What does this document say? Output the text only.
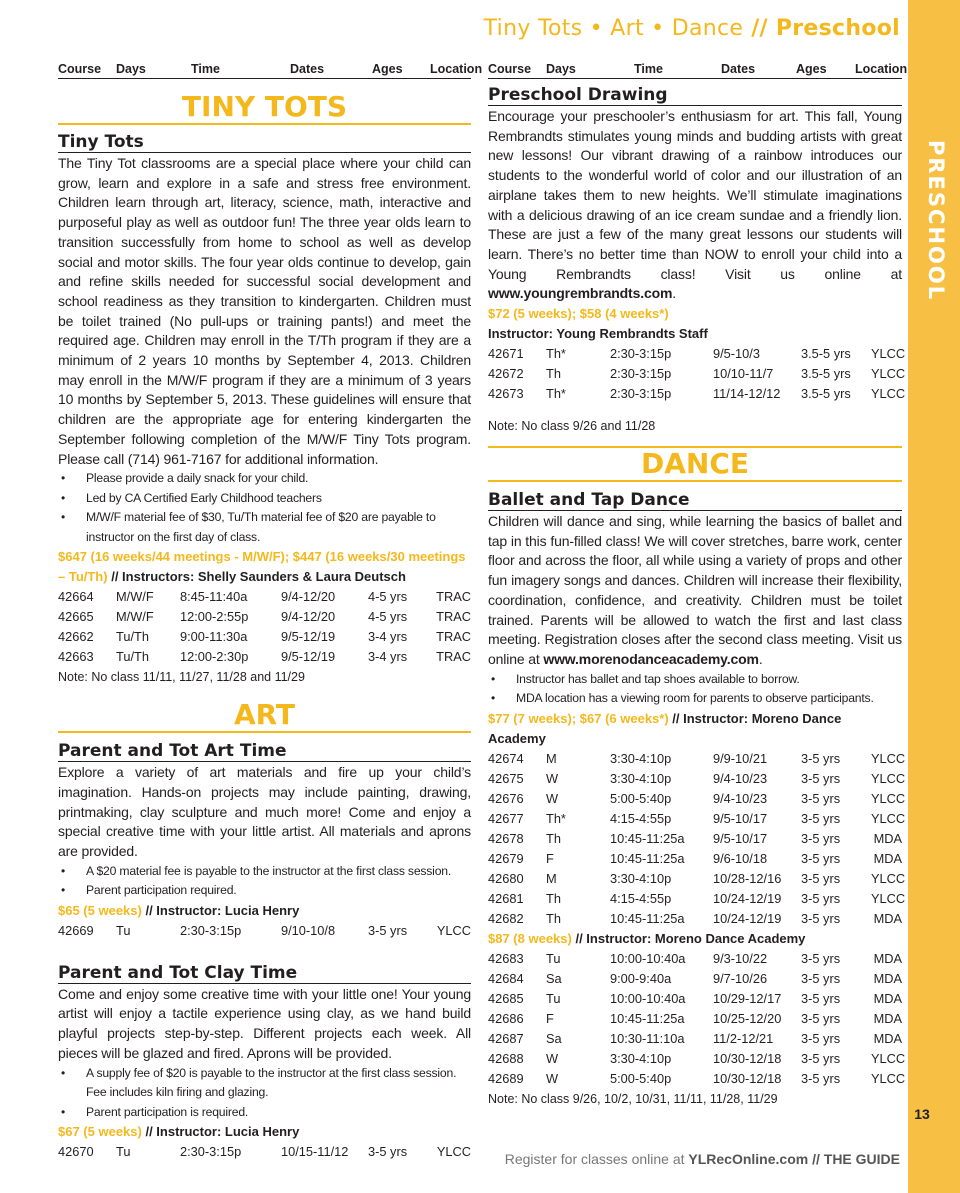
Tiny Tots • Art • Dance // Preschool
PRESCHOOL
13
Register for classes online at YLRecOnline.com // THE GUIDE
Course	Days	Time	Dates	Ages	Location
TINY TOTS
Tiny Tots
The Tiny Tot classrooms are a special place where your child can grow, learn and explore in a safe and stress free environment. Children learn through art, literacy, science, math, interactive and purposeful play as well as outdoor fun! The three year olds learn to transition successfully from home to school as well as develop social and motor skills. The four year olds continue to develop, gain and refine skills needed for successful social development and school readiness as they transition to kindergarten. Children must be toilet trained (No pull-ups or training pants!) and meet the required age. Children may enroll in the T/Th program if they are a minimum of 2 years 10 months by September 4, 2013. Children may enroll in the M/W/F program if they are a minimum of 3 years 10 months by September 5, 2013. These guidelines will ensure that children are the appropriate age for entering kindergarten the September following completion of the M/W/F Tiny Tots program. Please call (714) 961-7167 for additional information.
• Please provide a daily snack for your child.
• Led by CA Certified Early Childhood teachers
• M/W/F material fee of $30, Tu/Th material fee of $20 are payable to instructor on the first day of class.
$647 (16 weeks/44 meetings - M/W/F); $447 (16 weeks/30 meetings – Tu/Th) // Instructors: Shelly Saunders & Laura Deutsch
42664	M/W/F	8:45-11:40a	9/4-12/20	4-5 yrs	TRAC
42665	M/W/F	12:00-2:55p	9/4-12/20	4-5 yrs	TRAC
42662	Tu/Th	9:00-11:30a	9/5-12/19	3-4 yrs	TRAC
42663	Tu/Th	12:00-2:30p	9/5-12/19	3-4 yrs	TRAC
Note: No class 11/11, 11/27, 11/28 and 11/29
ART
Parent and Tot Art Time
Explore a variety of art materials and fire up your child’s imagination. Hands-on projects may include painting, drawing, printmaking, clay sculpture and much more! Come and enjoy a special creative time with your little artist. All materials and aprons are provided.
• A $20 material fee is payable to the instructor at the first class session.
• Parent participation required.
$65 (5 weeks) // Instructor: Lucia Henry
42669	Tu	2:30-3:15p	9/10-10/8	3-5 yrs	YLCC
Parent and Tot Clay Time
Come and enjoy some creative time with your little one! Your young artist will enjoy a tactile experience using clay, as we hand build playful projects step-by-step. Different projects each week. All pieces will be glazed and fired. Aprons will be provided.
• A supply fee of $20 is payable to the instructor at the first class session. Fee includes kiln firing and glazing.
• Parent participation is required.
$67 (5 weeks) // Instructor: Lucia Henry
42670	Tu	2:30-3:15p	10/15-11/12	3-5 yrs	YLCC
Course	Days	Time	Dates	Ages	Location
Preschool Drawing
Encourage your preschooler’s enthusiasm for art. This fall, Young Rembrandts stimulates young minds and budding artists with great new lessons! Our vibrant drawing of a rainbow introduces our students to the wonderful world of color and our illustration of an airplane takes them to new heights. We’ll stimulate imaginations with a delicious drawing of an ice cream sundae and a friendly lion. These are just a few of the many great lessons our students will learn. There’s no better time than NOW to enroll your child into a Young Rembrandts class! Visit us online at www.youngrembrandts.com.
$72 (5 weeks); $58 (4 weeks*)
Instructor: Young Rembrandts Staff
42671	Th*	2:30-3:15p	9/5-10/3	3.5-5 yrs	YLCC
42672	Th	2:30-3:15p	10/10-11/7	3.5-5 yrs	YLCC
42673	Th*	2:30-3:15p	11/14-12/12	3.5-5 yrs	YLCC
Note: No class 9/26 and 11/28
DANCE
Ballet and Tap Dance
Children will dance and sing, while learning the basics of ballet and tap in this fun-filled class! We will cover stretches, barre work, center floor and across the floor, all while using a variety of props and other fun imagery songs and dances. Children will increase their flexibility, coordination, confidence, and creativity. Children must be toilet trained. Parents will be allowed to watch the first and last class meeting. Registration closes after the second class meeting. Visit us online at www.morenodanceacademy.com.
• Instructor has ballet and tap shoes available to borrow.
• MDA location has a viewing room for parents to observe participants.
$77 (7 weeks); $67 (6 weeks*) // Instructor: Moreno Dance Academy
42674	M	3:30-4:10p	9/9-10/21	3-5 yrs	YLCC
42675	W	3:30-4:10p	9/4-10/23	3-5 yrs	YLCC
42676	W	5:00-5:40p	9/4-10/23	3-5 yrs	YLCC
42677	Th*	4:15-4:55p	9/5-10/17	3-5 yrs	YLCC
42678	Th	10:45-11:25a	9/5-10/17	3-5 yrs	MDA
42679	F	10:45-11:25a	9/6-10/18	3-5 yrs	MDA
42680	M	3:30-4:10p	10/28-12/16	3-5 yrs	YLCC
42681	Th	4:15-4:55p	10/24-12/19	3-5 yrs	YLCC
42682	Th	10:45-11:25a	10/24-12/19	3-5 yrs	MDA
$87 (8 weeks) // Instructor: Moreno Dance Academy
42683	Tu	10:00-10:40a	9/3-10/22	3-5 yrs	MDA
42684	Sa	9:00-9:40a	9/7-10/26	3-5 yrs	MDA
42685	Tu	10:00-10:40a	10/29-12/17	3-5 yrs	MDA
42686	F	10:45-11:25a	10/25-12/20	3-5 yrs	MDA
42687	Sa	10:30-11:10a	11/2-12/21	3-5 yrs	MDA
42688	W	3:30-4:10p	10/30-12/18	3-5 yrs	YLCC
42689	W	5:00-5:40p	10/30-12/18	3-5 yrs	YLCC
Note: No class 9/26, 10/2, 10/31, 11/11, 11/28, 11/29
